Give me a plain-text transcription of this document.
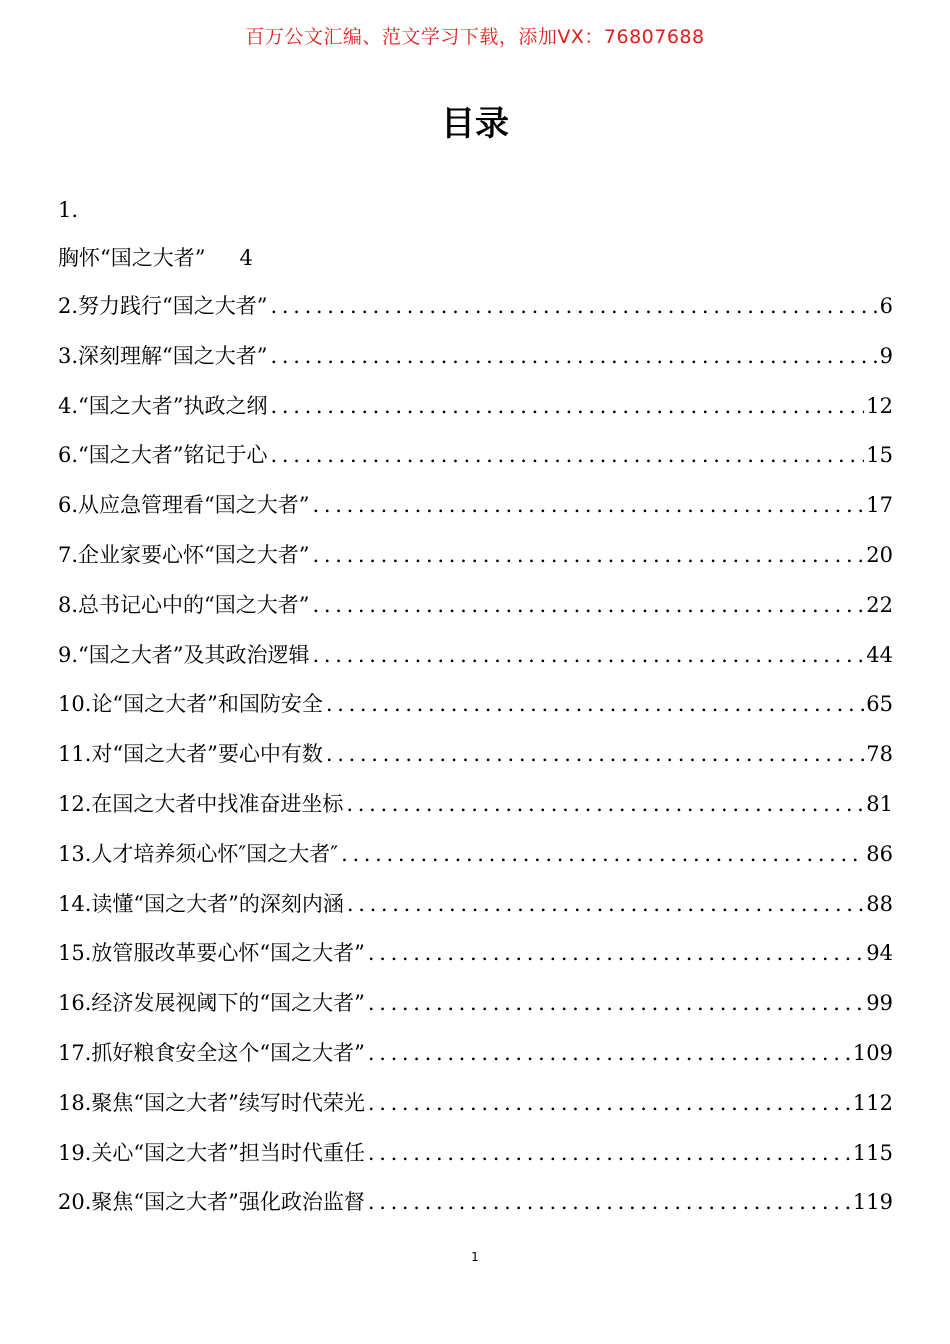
百万公文汇编、范文学习下载，添加VX：76807688
目录
1.
胸怀“国之大者” 4
2.努力践行“国之大者” . . .	6
3.深刻理解“国之大者” . . .	9
4.“国之大者”执政之纲 . . .	12
6.“国之大者”铭记于心 . . .	15
6.从应急管理看“国之大者” . . .	17
7.企业家要心怀“国之大者” . . .	20
8.总书记心中的“国之大者” . . .	22
9.“国之大者”及其政治逻辑 . . .	44
10.论“国之大者”和国防安全 . . .	65
11.对“国之大者”要心中有数 . . .	78
12.在国之大者中找准奋进坐标 . . .	81
13.人才培养须心怀″国之大者″ . . .	86
14.读懂“国之大者”的深刻内涵 . . .	88
15.放管服改革要心怀“国之大者” . . .	94
16.经济发展视阈下的“国之大者” . . .	99
17.抓好粮食安全这个“国之大者” . . .	109
18.聚焦“国之大者”续写时代荣光 . . .	112
19.关心“国之大者”担当时代重任 . . .	115
20.聚焦“国之大者”强化政治监督 . . .	119
1
